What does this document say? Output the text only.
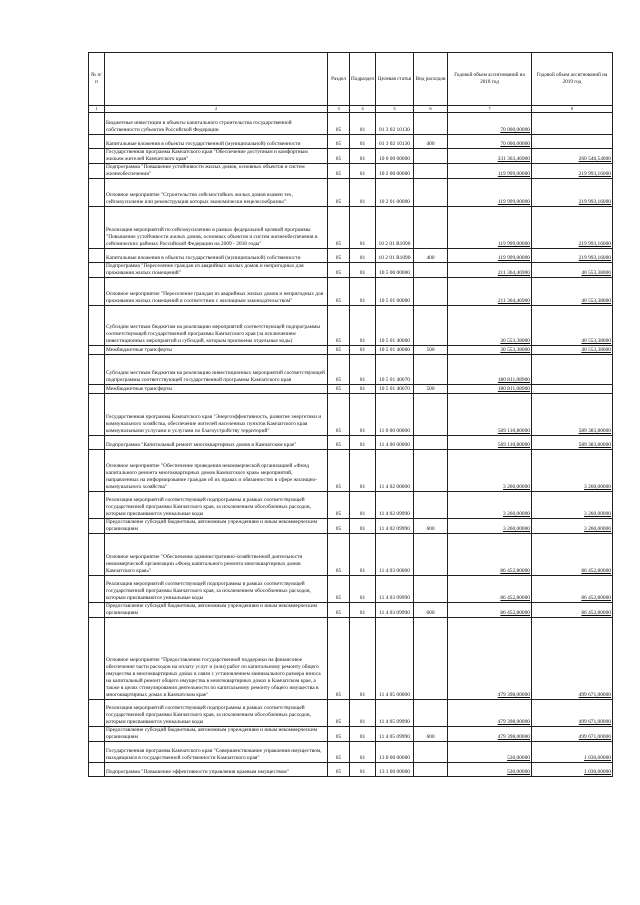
№ п/п		Раздел	Подраздел	Целевая статья	Вид расходов	Годовой объем ассигнований на 2018 год	Годовой объем ассигнований на 2019 год
1	2	3	4	5	6	7	8
	Бюджетные инвестиции в объекты капитального строительства государственной собственности субъектов Российской Федерации	05	01	01 3 02 10130		70 000,00000	
	Капитальные вложения в объекты государственной (муниципальной) собственности	05	01	01 3 02 10130	400	70 000,00000	
	Государственная программа Камчатского края "Обеспечение доступным и комфортным жильем жителей Камчатского края"	05	01	10 0 00 00000		331 363,46900	260 546,54000
	Подпрограмма "Повышение устойчивости жилых домов, основных объектов и систем жизнеобеспечения"	05	01	10 2 00 00000		119 999,00000	219 993,16000
	Основное мероприятие "Строительство сейсмостойких жилых домов взамен тех, сейсмоусиление или реконструкция которых экономически нецелесообразны"	05	01	10 2 01 00000		119 999,00000	219 993,16000
	Реализация мероприятий по сейсмоусилению в рамках федеральной целевой программы "Повышение устойчивости жилых домов, основных объектов и систем жизнеобеспечения в сейсмических районах Российской Федерации на 2009 - 2018 годы"	05	01	10 2 01 R1090		119 999,00000	219 993,16000
	Капитальные вложения в объекты государственной (муниципальной) собственности	05	01	10 2 01 R1090	400	119 999,00000	219 993,16000
	Подпрограмма "Переселение граждан из аварийных жилых домов и непригодных для проживания жилых помещений"	05	01	10 5 00 00000		211 364,46900	40 553,38000
	Основное мероприятие "Переселение граждан из аварийных жилых домов и непригодных для проживания жилых помещений в соответствии с жилищным законодательством"	05	01	10 5 01 00000		211 364,46900	40 553,38000
	Субсидии местным бюджетам на реализацию мероприятий соответствующей подпрограммы соответствующей государственной программы Камчатского края (за исключением инвестиционных мероприятий и субсидий, которым присвоены отдельные коды)	05	01	10 5 01 40060		30 553,38000	40 553,38000
	Межбюджетные трансферты	05	01	10 5 01 40060	500	30 553,38000	40 553,38000
	Субсидии местным бюджетам на реализацию инвестиционных мероприятий соответствующей подпрограммы соответствующей государственной программы Камчатского края	05	01	10 5 01 40070		180 811,08900	
	Межбюджетные трансферты	05	01	10 5 01 40070	500	180 811,08900	
	Государственная программа Камчатского края "Энергоэффективность, развитие энергетики и коммунального хозяйства, обеспечение жителей населенных пунктов Камчатского края коммунальными услугами и услугами по благоустройству территорий"	05	01	11 0 00 00000		569 110,80000	589 383,80000
	Подпрограмма "Капитальный ремонт многоквартирных домов в Камчатском крае"	05	01	11 4 00 00000		569 110,80000	589 383,80000
	Основное мероприятие "Обеспечение проведения некоммерческой организацией «Фонд капитального ремонта многоквартирных домов Камчатского края» мероприятий, направленных на информирование граждан об их правах и обязанностях в сфере жилищно-коммунального хозяйства"	05	01	11 4 02 00000		3 260,00000	3 260,00000
	Реализация мероприятий соответствующей подпрограммы в рамках соответствующей государственной программы Камчатского края, за исключением обособленных расходов, которым присваиваются уникальные коды	05	01	11 4 02 09990		3 260,00000	3 260,00000
	Предоставление субсидий бюджетным, автономным учреждениям и иным некоммерческим организациям	05	01	11 4 02 09990	600	3 260,00000	3 260,00000
	Основное мероприятие "Обеспечение административно-хозяйственной деятельности некоммерческой организации «Фонд капитального ремонта многоквартирных домов Камчатского края»"	05	01	11 4 03 00000		86 452,80000	86 452,80000
	Реализация мероприятий соответствующей подпрограммы в рамках соответствующей государственной программы Камчатского края, за исключением обособленных расходов, которым присваиваются уникальные коды	05	01	11 4 03 09990		86 452,80000	86 452,80000
	Предоставление субсидий бюджетным, автономным учреждениям и иным некоммерческим организациям	05	01	11 4 03 09990	600	86 452,80000	86 452,80000
	Основное мероприятие "Предоставление государственной поддержки на финансовое обеспечение части расходов на оплату услуг и (или) работ по капитальному ремонту общего имущества в многоквартирных домах в связи с установлением минимального размера взноса на капитальный ремонт общего имущества в многоквартирных домах в Камчатском крае, а также в целях стимулирования деятельности по капитальному ремонту общего имущества в многоквартирных домах в Камчатском крае"	05	01	11 4 05 00000		479 398,00000	499 671,00000
	Реализация мероприятий соответствующей подпрограммы в рамках соответствующей государственной программы Камчатского края, за исключением обособленных расходов, которым присваиваются уникальные коды	05	01	11 4 05 09990		479 398,00000	499 671,00000
	Предоставление субсидий бюджетным, автономным учреждениям и иным некоммерческим организациям	05	01	11 4 05 09990	600	479 398,00000	499 671,00000
	Государственная программа Камчатского края "Совершенствование управления имуществом, находящимся в государственной собственности Камчатского края"	05	01	13 0 00 00000		530,00000	1 030,00000
	Подпрограмма "Повышение эффективности управления краевым имуществом"	05	01	13 1 00 00000		530,00000	1 030,00000
